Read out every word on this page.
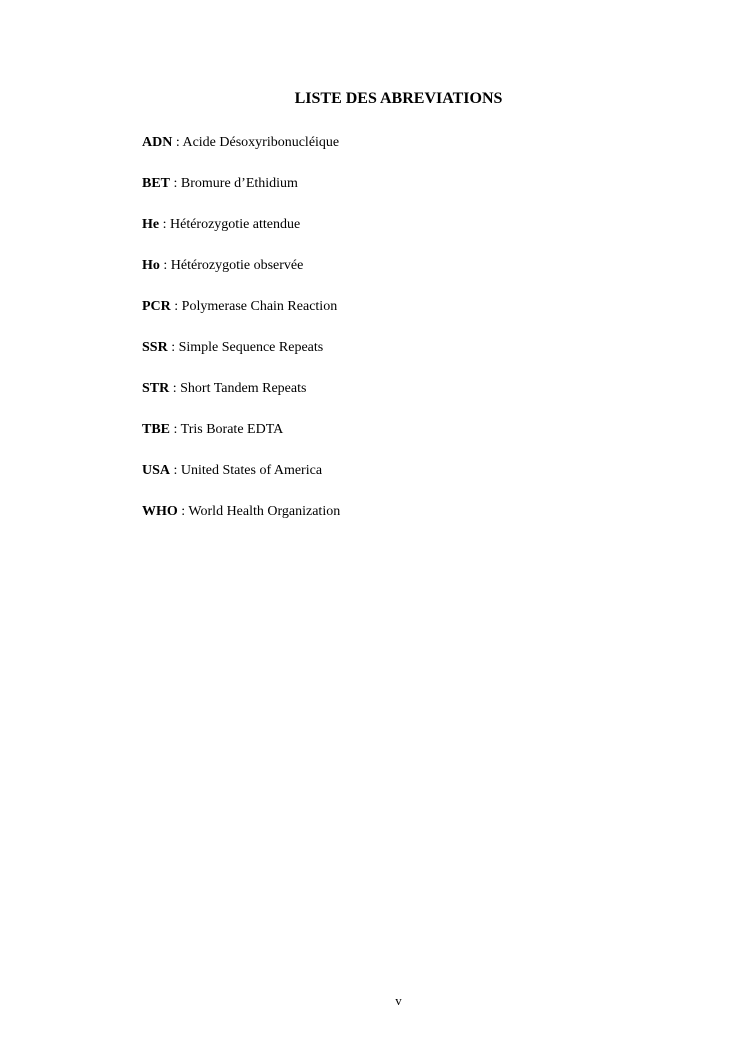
LISTE DES ABREVIATIONS
ADN : Acide Désoxyribonucléique
BET : Bromure d’Ethidium
He : Hétérozygotie attendue
Ho : Hétérozygotie observée
PCR : Polymerase Chain Reaction
SSR : Simple Sequence Repeats
STR : Short Tandem Repeats
TBE : Tris Borate EDTA
USA : United States of America
WHO : World Health Organization
v
